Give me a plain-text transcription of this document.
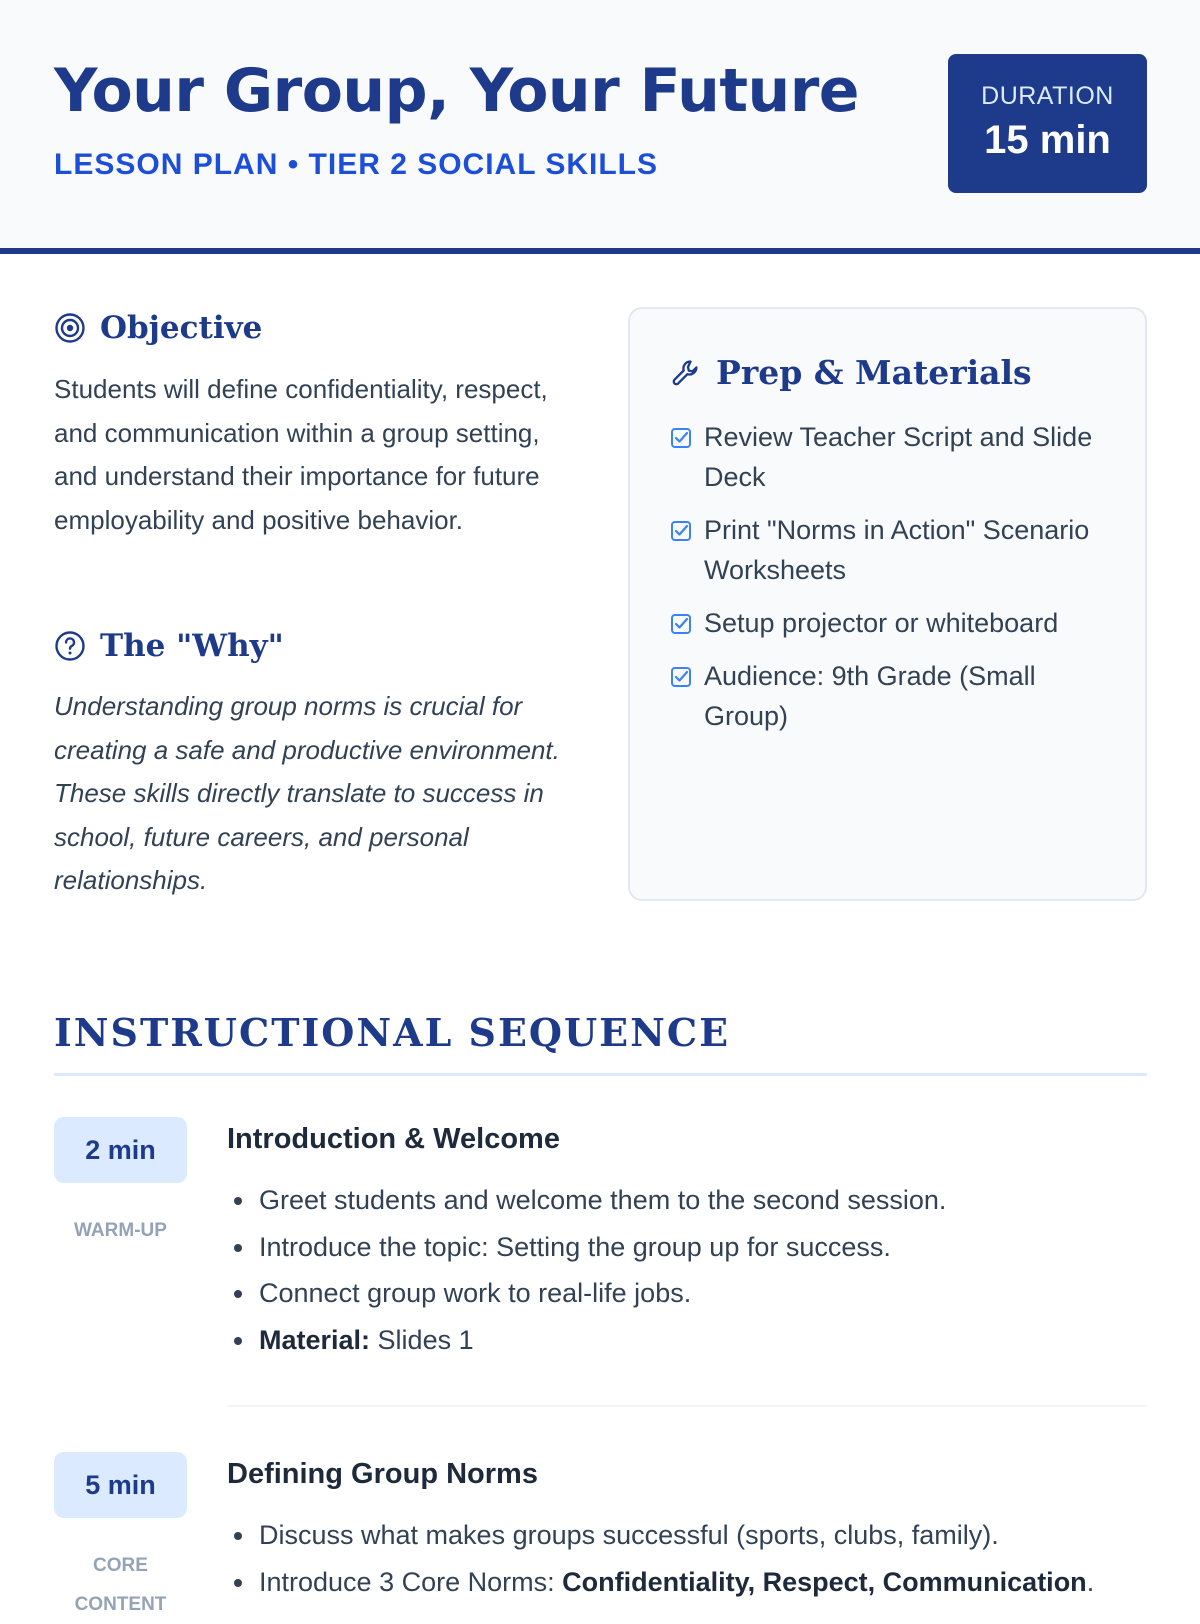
Your Group, Your Future
LESSON PLAN • TIER 2 SOCIAL SKILLS
DURATION
15 min
Objective
Students will define confidentiality, respect, and communication within a group setting, and understand their importance for future employability and positive behavior.
The "Why"
Understanding group norms is crucial for creating a safe and productive environment. These skills directly translate to success in school, future careers, and personal relationships.
Prep & Materials
Review Teacher Script and Slide Deck
Print "Norms in Action" Scenario Worksheets
Setup projector or whiteboard
Audience: 9th Grade (Small Group)
INSTRUCTIONAL SEQUENCE
2 min
WARM-UP
Introduction & Welcome
Greet students and welcome them to the second session.
Introduce the topic: Setting the group up for success.
Connect group work to real-life jobs.
Material: Slides 1
5 min
CORE CONTENT
Defining Group Norms
Discuss what makes groups successful (sports, clubs, family).
Introduce 3 Core Norms: Confidentiality, Respect, Communication.
